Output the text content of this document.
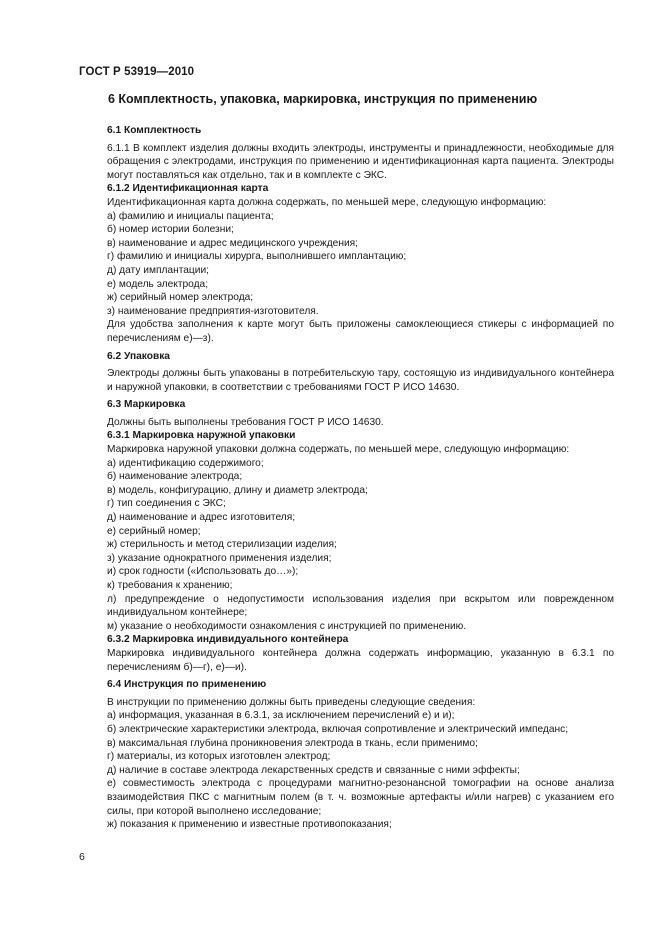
ГОСТ Р 53919—2010
6 Комплектность, упаковка, маркировка, инструкция по применению

6.1 Комплектность

6.1.1 В комплект изделия должны входить электроды, инструменты и принадлежности, необходимые для обращения с электродами, инструкция по применению и идентификационная карта пациента. Электроды могут поставляться как отдельно, так и в комплекте с ЭКС.

6.1.2 Идентификационная карта

Идентификационная карта должна содержать, по меньшей мере, следующую информацию:

а) фамилию и инициалы пациента;

б) номер истории болезни;

в) наименование и адрес медицинского учреждения;

г) фамилию и инициалы хирурга, выполнившего имплантацию;

д) дату имплантации;

е) модель электрода;

ж) серийный номер электрода;

з) наименование предприятия-изготовителя.

Для удобства заполнения к карте могут быть приложены самоклеющиеся стикеры с информацией по перечислениям е)—з).

6.2 Упаковка

Электроды должны быть упакованы в потребительскую тару, состоящую из индивидуального контейнера и наружной упаковки, в соответствии с требованиями ГОСТ Р ИСО 14630.

6.3 Маркировка

Должны быть выполнены требования ГОСТ Р ИСО 14630.

6.3.1 Маркировка наружной упаковки

Маркировка наружной упаковки должна содержать, по меньшей мере, следующую информацию:

а) идентификацию содержимого;

б) наименование электрода;

в) модель, конфигурацию, длину и диаметр электрода;

г) тип соединения с ЭКС;

д) наименование и адрес изготовителя;

е) серийный номер;

ж) стерильность и метод стерилизации изделия;

з) указание однократного применения изделия;

и) срок годности («Использовать до…»);

к) требования к хранению;

л) предупреждение о недопустимости использования изделия при вскрытом или поврежденном индивидуальном контейнере;

м) указание о необходимости ознакомления с инструкцией по применению.

6.3.2 Маркировка индивидуального контейнера

Маркировка индивидуального контейнера должна содержать информацию, указанную в 6.3.1 по перечислениям б)—г), е)—и).

6.4 Инструкция по применению

В инструкции по применению должны быть приведены следующие сведения:

а) информация, указанная в 6.3.1, за исключением перечислений е) и и);

б) электрические характеристики электрода, включая сопротивление и электрический импеданс;

в) максимальная глубина проникновения электрода в ткань, если применимо;

г) материалы, из которых изготовлен электрод;

д) наличие в составе электрода лекарственных средств и связанные с ними эффекты;

е) совместимость электрода с процедурами магнитно-резонансной томографии на основе анализа взаимодействия ПКС с магнитным полем (в т. ч. возможные артефакты и/или нагрев) с указанием его силы, при которой выполнено исследование;

ж) показания к применению и известные противопоказания;

6
